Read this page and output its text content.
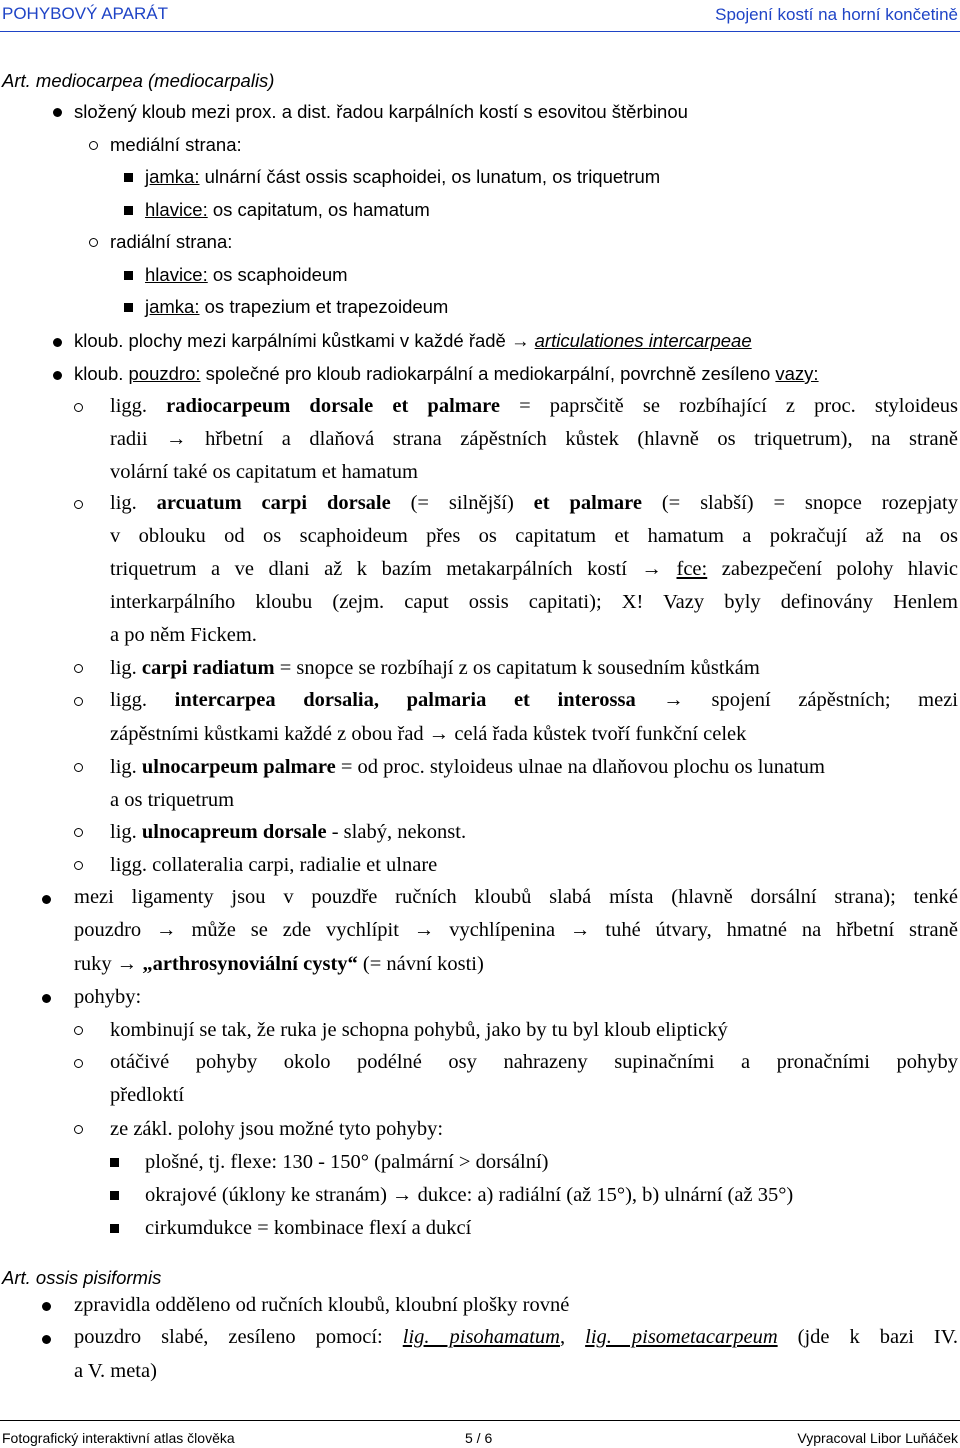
POHYBOVÝ APARÁT	Spojení kostí na horní končetině
Art. mediocarpea (mediocarpalis)
složený kloub mezi prox. a dist. řadou karpálních kostí s esovitou štěrbinou
mediální strana:
jamka: ulnární část ossis scaphoidei, os lunatum, os triquetrum
hlavice: os capitatum, os hamatum
radiální strana:
hlavice: os scaphoideum
jamka: os trapezium et trapezoideum
kloub. plochy mezi karpálními kůstkami v každé řadě → articulationes intercarpeae
kloub. pouzdro: společné pro kloub radiokarpální a mediokarpální, povrchně zesíleno vazy:
ligg. radiocarpeum dorsale et palmare = paprsčitě se rozbíhající z proc. styloideus
radii → hřbetní a dlaňová strana zápěstních kůstek (hlavně os triquetrum), na straně
volární také os capitatum et hamatum
lig. arcuatum carpi dorsale (= silnější) et palmare (= slabší) = snopce rozepjaty
v oblouku od os scaphoideum přes os capitatum et hamatum a pokračují až na os
triquetrum a ve dlani až k bazím metakarpálních kostí → fce: zabezpečení polohy hlavic
interkarpálního kloubu (zejm. caput ossis capitati); X! Vazy byly definovány Henlem
a po něm Fickem.
lig. carpi radiatum = snopce se rozbíhají z os capitatum k sousedním kůstkám
ligg. intercarpea dorsalia, palmaria et interossa → spojení zápěstních; mezi
zápěstními kůstkami každé z obou řad → celá řada kůstek tvoří funkční celek
lig. ulnocarpeum palmare = od proc. styloideus ulnae na dlaňovou plochu os lunatum
a os triquetrum
lig. ulnocapreum dorsale - slabý, nekonst.
ligg. collateralia carpi, radialie et ulnare
mezi ligamenty jsou v pouzdře ručních kloubů slabá místa (hlavně dorsální strana); tenké
pouzdro → může se zde vychlípit → vychlípenina → tuhé útvary, hmatné na hřbetní straně
ruky → „arthrosynoviální cysty“ (= návní kosti)
pohyby:
kombinují se tak, že ruka je schopna pohybů, jako by tu byl kloub eliptický
otáčivé pohyby okolo podélné osy nahrazeny supinačními a pronačními pohyby
předloktí
ze zákl. polohy jsou možné tyto pohyby:
plošné, tj. flexe: 130 - 150° (palmární > dorsální)
okrajové (úklony ke stranám) → dukce: a) radiální (až 15°), b) ulnární (až 35°)
cirkumdukce = kombinace flexí a dukcí
Art. ossis pisiformis
zpravidla odděleno od ručních kloubů, kloubní plošky rovné
pouzdro slabé, zesíleno pomocí: lig. pisohamatum, lig. pisometacarpeum (jde k bazi IV.
a V. meta)
Fotografický interaktivní atlas člověka	5 / 6	Vypracoval Libor Luňáček
